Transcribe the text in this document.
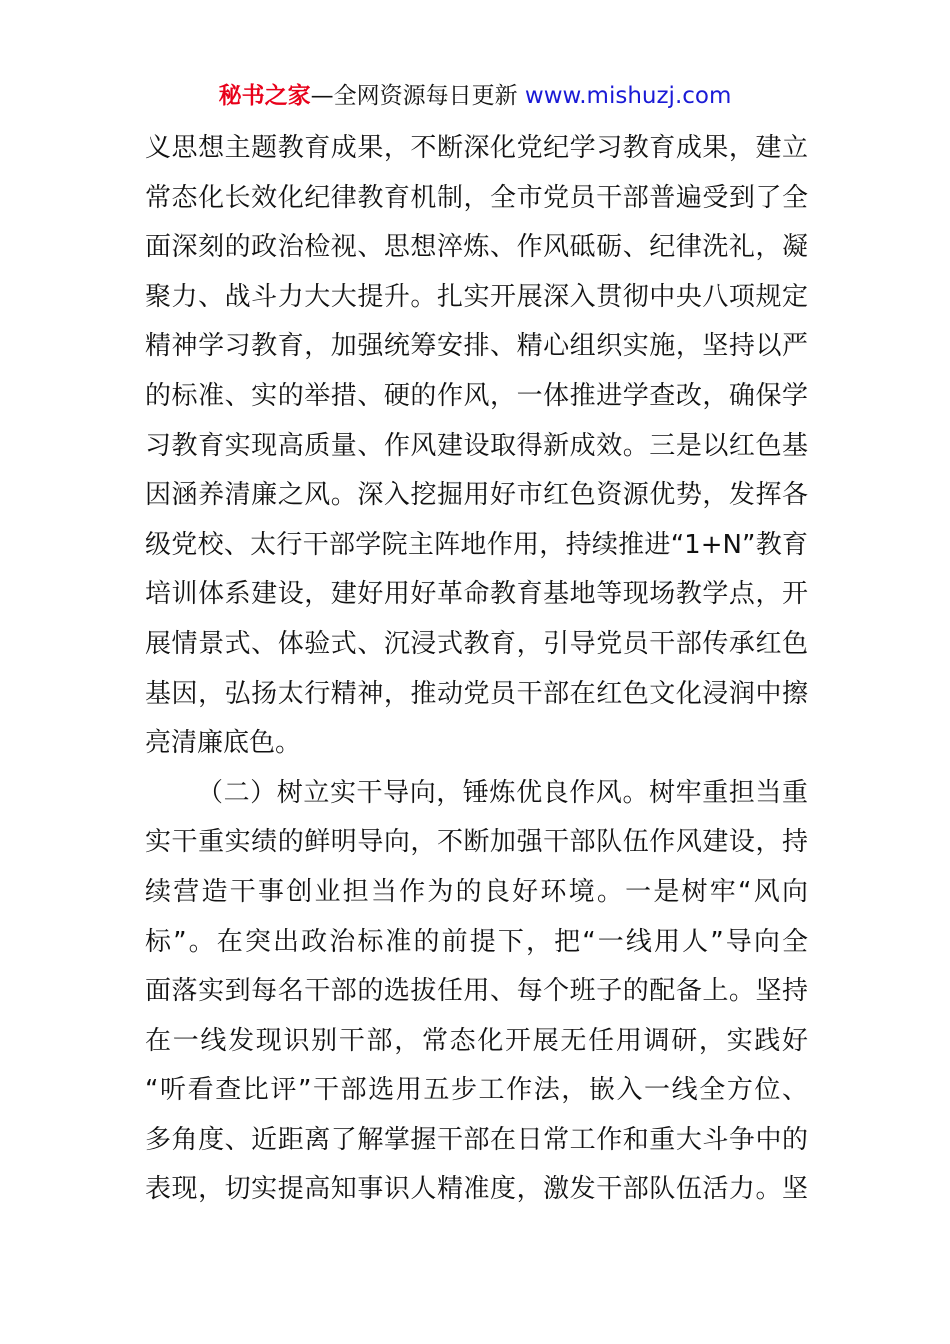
秘书之家—全网资源每日更新 www.mishuzj.com
义思想主题教育成果，不断深化党纪学习教育成果，建立
常态化长效化纪律教育机制，全市党员干部普遍受到了全
面深刻的政治检视、思想淬炼、作风砥砺、纪律洗礼，凝
聚力、战斗力大大提升。扎实开展深入贯彻中央八项规定
精神学习教育，加强统筹安排、精心组织实施，坚持以严
的标准、实的举措、硬的作风，一体推进学查改，确保学
习教育实现高质量、作风建设取得新成效。三是以红色基
因涵养清廉之风。深入挖掘用好市红色资源优势，发挥各
级党校、太行干部学院主阵地作用，持续推进“1+N”教育
培训体系建设，建好用好革命教育基地等现场教学点，开
展情景式、体验式、沉浸式教育，引导党员干部传承红色
基因，弘扬太行精神，推动党员干部在红色文化浸润中擦
亮清廉底色。
（二）树立实干导向，锤炼优良作风。树牢重担当重
实干重实绩的鲜明导向，不断加强干部队伍作风建设，持
续营造干事创业担当作为的良好环境。一是树牢“风向
标”。在突出政治标准的前提下，把“一线用人”导向全
面落实到每名干部的选拔任用、每个班子的配备上。坚持
在一线发现识别干部，常态化开展无任用调研，实践好
“听看查比评”干部选用五步工作法，嵌入一线全方位、
多角度、近距离了解掌握干部在日常工作和重大斗争中的
表现，切实提高知事识人精准度，激发干部队伍活力。坚
